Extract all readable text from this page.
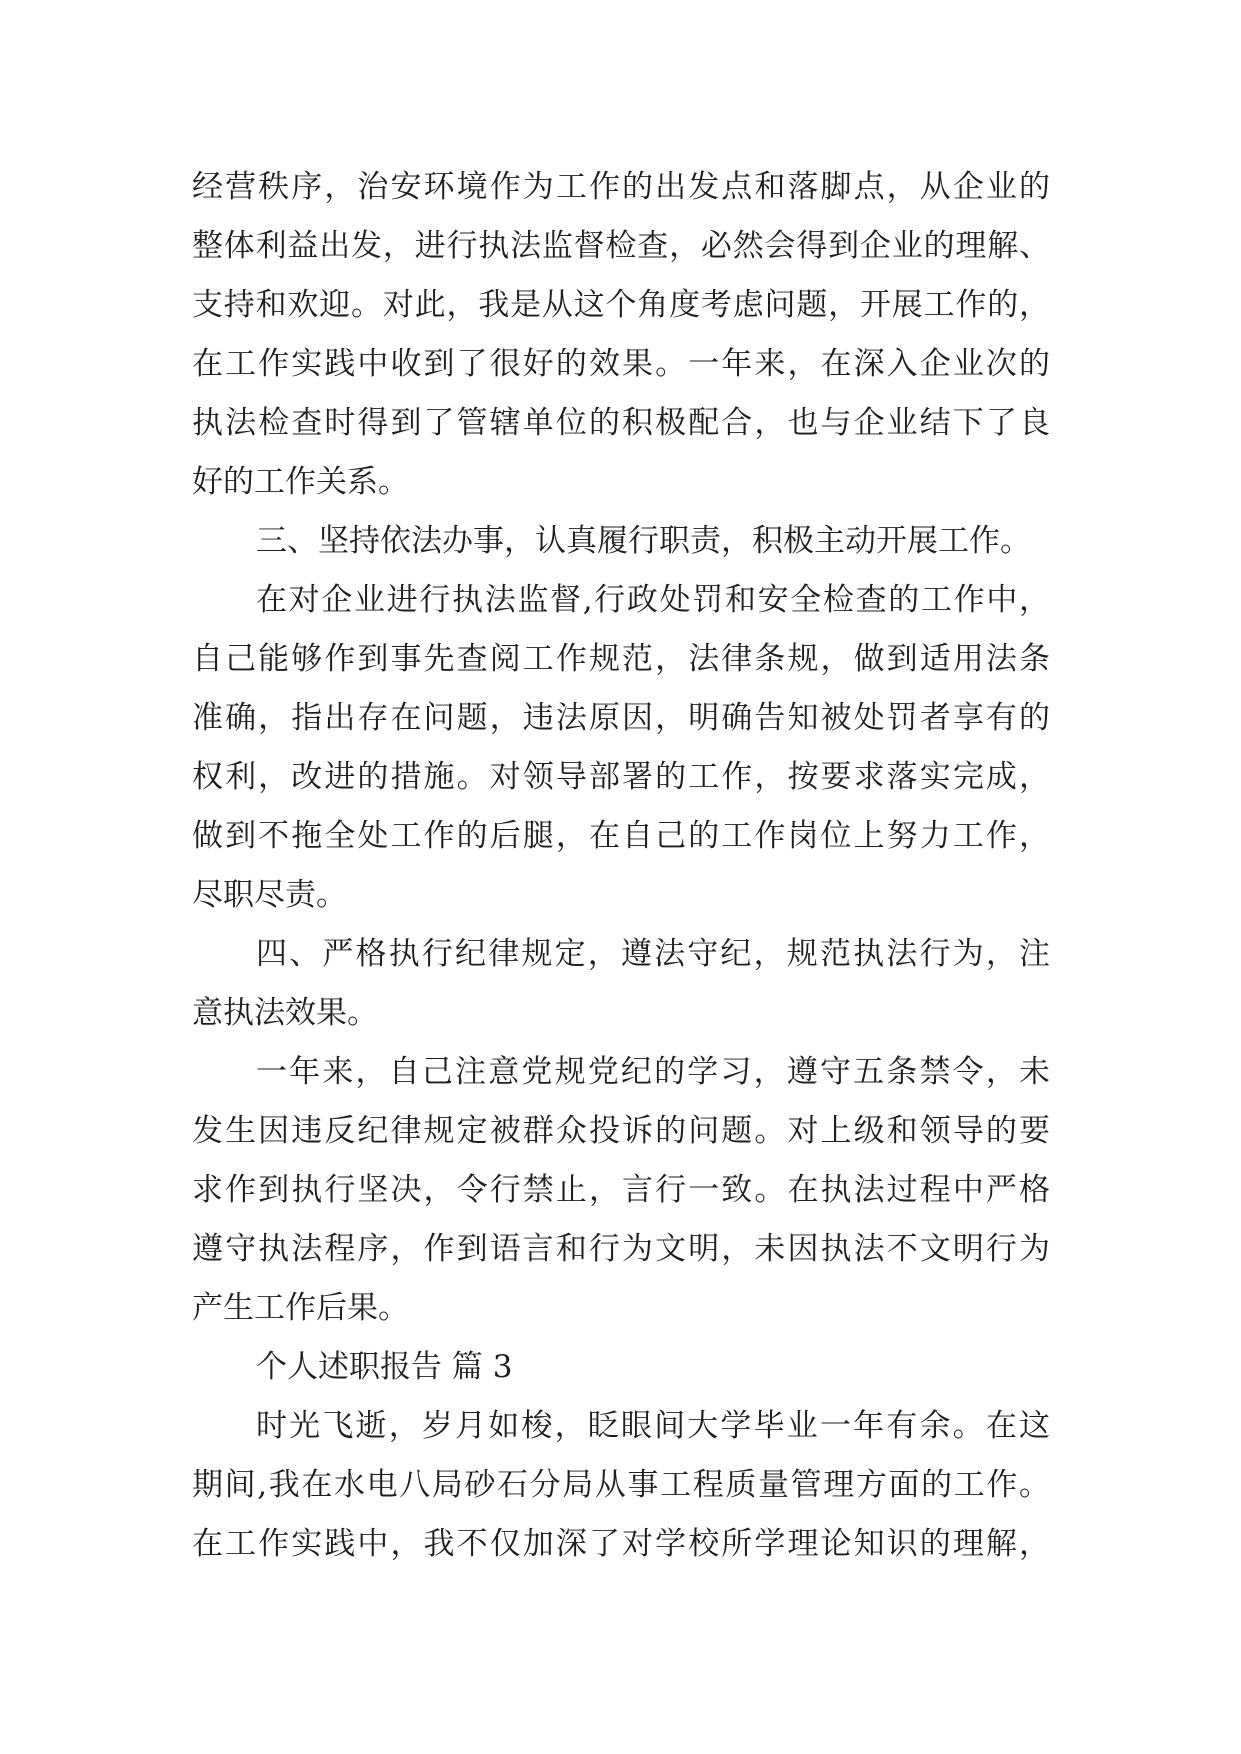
经营秩序，治安环境作为工作的出发点和落脚点，从企业的
整体利益出发，进行执法监督检查，必然会得到企业的理解、
支持和欢迎。对此，我是从这个角度考虑问题，开展工作的，
在工作实践中收到了很好的效果。一年来，在深入企业次的
执法检查时得到了管辖单位的积极配合，也与企业结下了良
好的工作关系。
三、坚持依法办事，认真履行职责，积极主动开展工作。
在对企业进行执法监督,行政处罚和安全检查的工作中，
自己能够作到事先查阅工作规范，法律条规，做到适用法条
准确，指出存在问题，违法原因，明确告知被处罚者享有的
权利，改进的措施。对领导部署的工作，按要求落实完成，
做到不拖全处工作的后腿，在自己的工作岗位上努力工作，
尽职尽责。
四、严格执行纪律规定，遵法守纪，规范执法行为，注
意执法效果。
一年来，自己注意党规党纪的学习，遵守五条禁令，未
发生因违反纪律规定被群众投诉的问题。对上级和领导的要
求作到执行坚决，令行禁止，言行一致。在执法过程中严格
遵守执法程序，作到语言和行为文明，未因执法不文明行为
产生工作后果。
个人述职报告 篇 3
时光飞逝，岁月如梭，眨眼间大学毕业一年有余。在这
期间,我在水电八局砂石分局从事工程质量管理方面的工作。
在工作实践中，我不仅加深了对学校所学理论知识的理解，
